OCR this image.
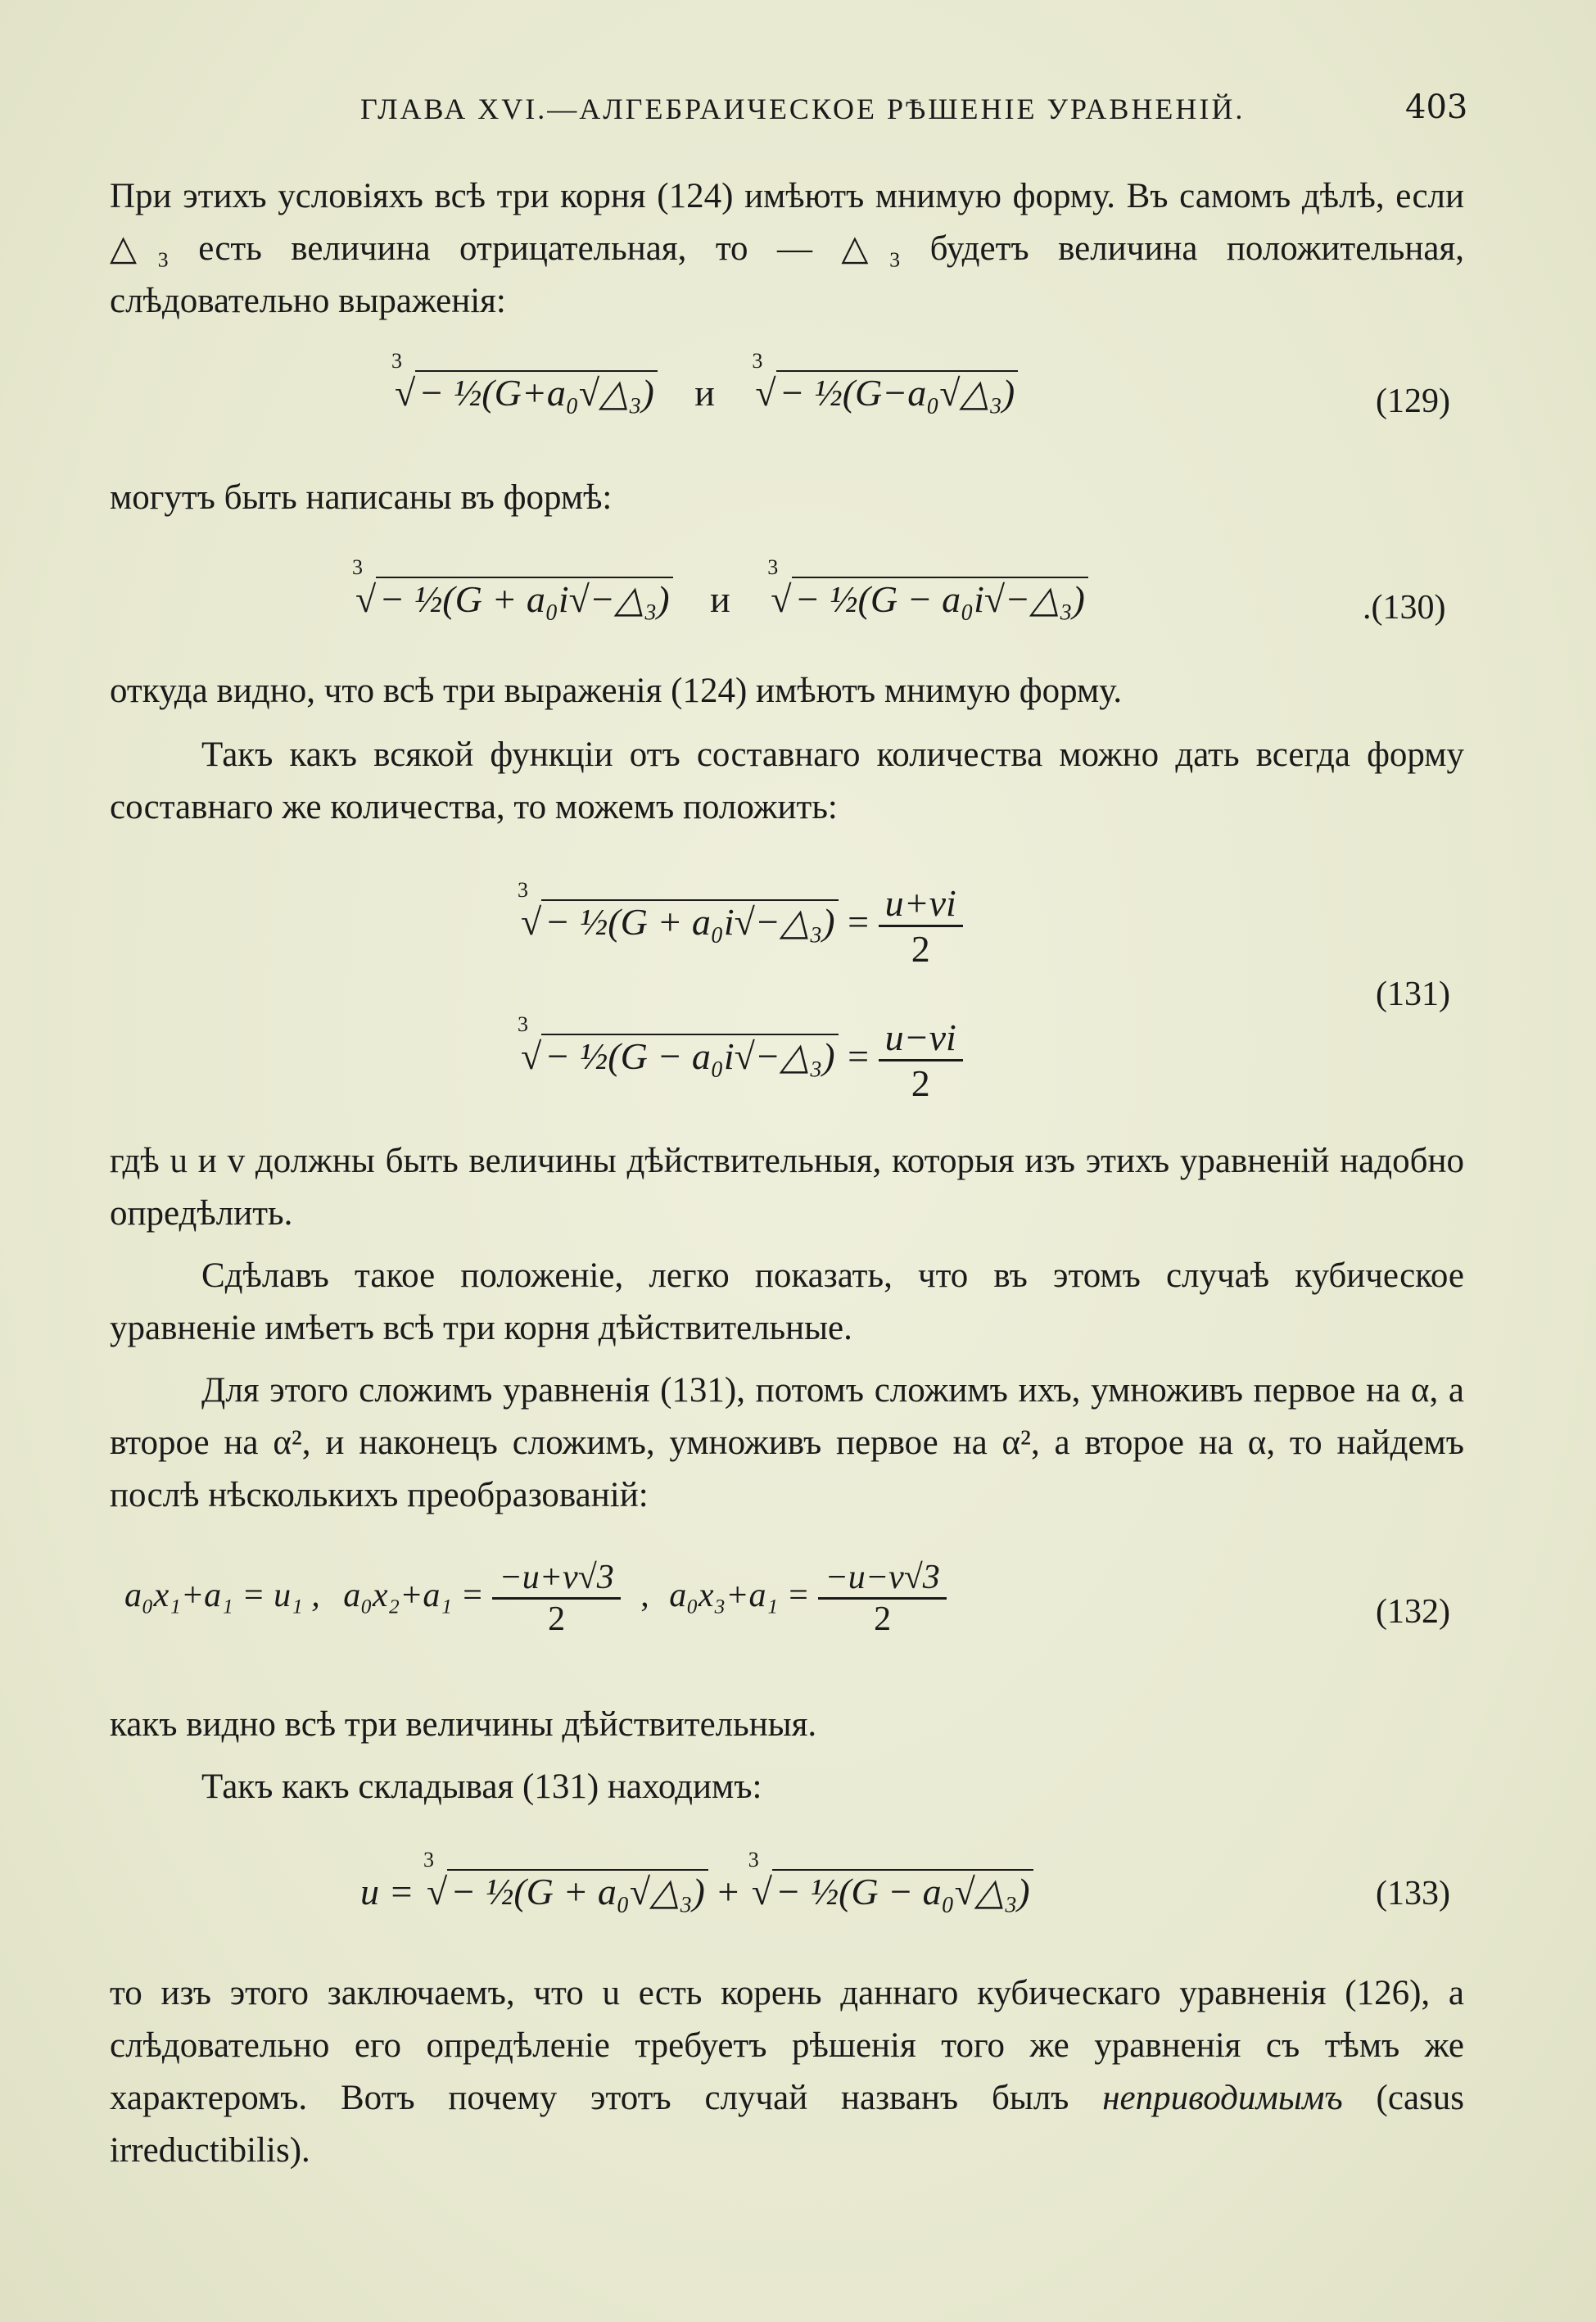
ГЛАВА XVI.—АЛГЕБРАИЧЕСКОЕ РѢШЕНІЕ УРАВНЕНІЙ.	403

При этихъ условіяхъ всѣ три корня (124) имѣютъ мнимую форму. Въ самомъ дѣлѣ, если △₃ есть величина отрицательная, то — △₃ будетъ величина положительная, слѣдовательно выраженія:

3
√− ½(G+a₀√△₃) и
3
√− ½(G−a₀√△₃)	(129)

могутъ быть написаны въ формѣ:

3
√− ½(G + a₀i√−△₃) и
3
√− ½(G − a₀i√−△₃)	.(130)

откуда видно, что всѣ три выраженія (124) имѣютъ мнимую форму.

Такъ какъ всякой функціи отъ составнаго количества можно дать всегда форму составнаго же количества, то можемъ положить:

3
√− ½(G + a₀i√−△₃) = $\frac{u+vi}{2}$
3
√− ½(G − a₀i√−△₃) = $\frac{u-vi}{2}$
(131)

гдѣ u и v должны быть величины дѣйствительныя, которыя изъ этихъ уравненій надобно опредѣлить.

Сдѣлавъ такое положеніе, легко показать, что въ этомъ случаѣ кубическое уравненіе имѣетъ всѣ три корня дѣйствительные.

Для этого сложимъ уравненія (131), потомъ сложимъ ихъ, умноживъ первое на α, а второе на α², и наконецъ сложимъ, умноживъ первое на α², а второе на α, то найдемъ послѣ нѣсколькихъ преобразованій:

a₀x₁+a₁ = u₁ , $a_0x_2+a_1 = \frac{-u+v√3}{2}$ , $a_0x_3+a_1 = \frac{-u-v√3}{2}$	(132)

какъ видно всѣ три величины дѣйствительныя.

Такъ какъ складывая (131) находимъ:

u =
3
√− ½(G + a₀√△₃) +
3
√− ½(G − a₀√△₃)	(133)

то изъ этого заключаемъ, что u есть корень даннаго кубическаго уравненія (126), а слѣдовательно его опредѣленіе требуетъ рѣшенія того же уравненія съ тѣмъ же характеромъ. Вотъ почему этотъ случай названъ былъ неприводимымъ (casus irreductibilis).
